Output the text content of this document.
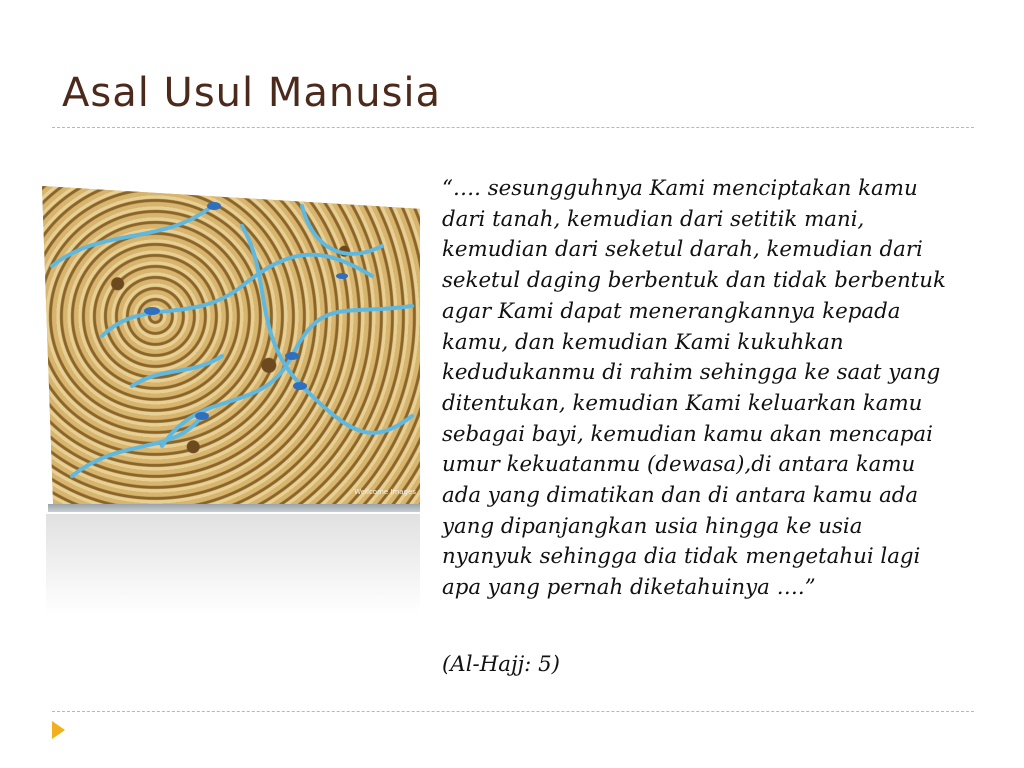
Asal Usul Manusia
Wellcome Images

“…. sesungguhnya Kami menciptakan kamu
dari tanah, kemudian dari setitik mani,
kemudian dari seketul darah, kemudian dari
seketul daging berbentuk dan tidak berbentuk
agar Kami dapat menerangkannya kepada
kamu, dan kemudian Kami kukuhkan
kedudukanmu di rahim sehingga ke saat yang
ditentukan, kemudian Kami keluarkan kamu
sebagai bayi, kemudian kamu akan mencapai
umur kekuatanmu (dewasa),di antara kamu
ada yang dimatikan dan di antara kamu ada
yang dipanjangkan usia hingga ke usia
nyanyuk sehingga dia tidak mengetahui lagi
apa yang pernah diketahuinya ….”

(Al-Hajj: 5)
